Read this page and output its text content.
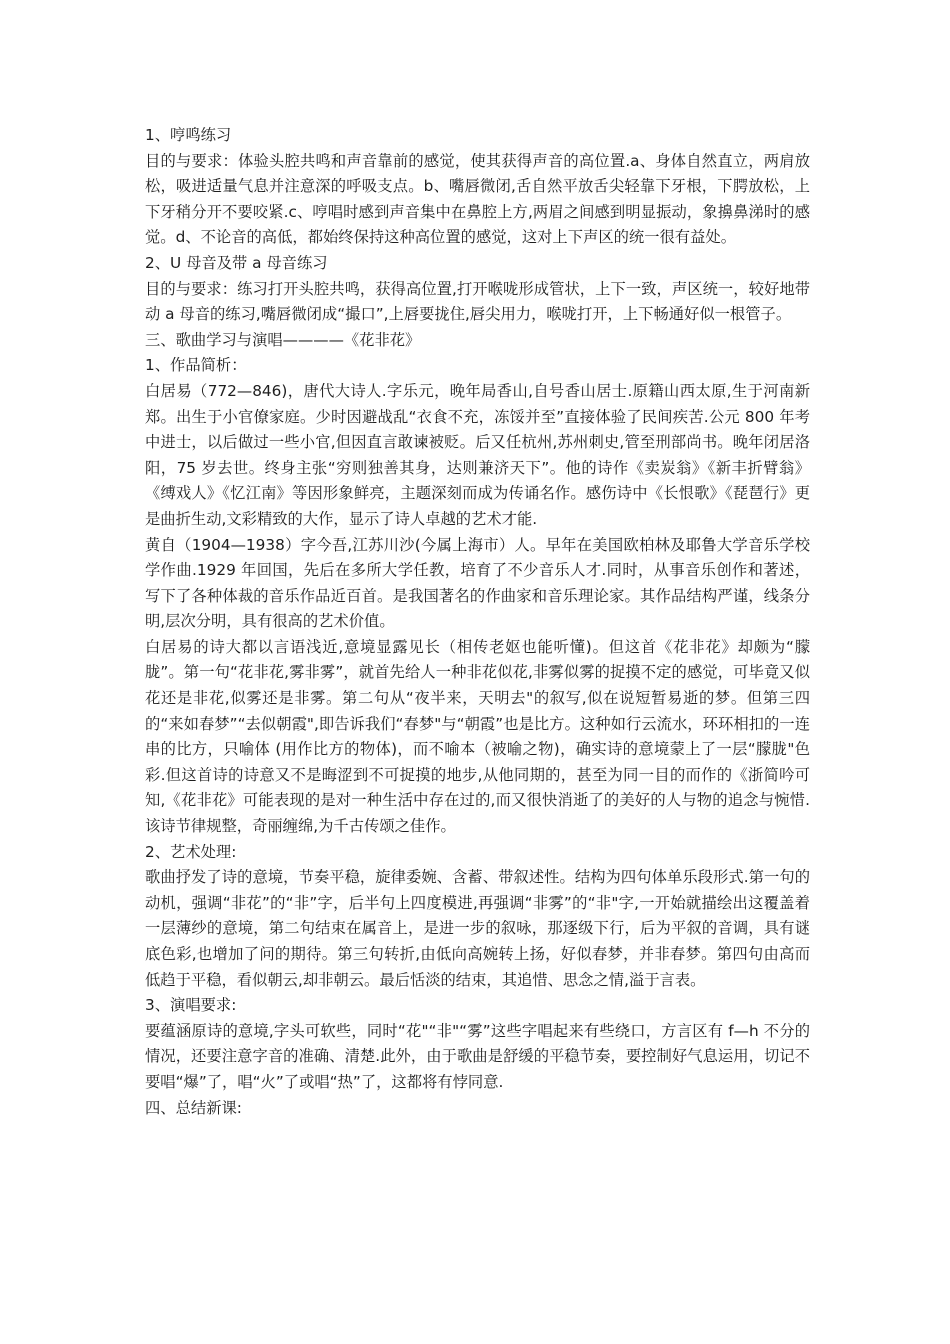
1、哼鸣练习

目的与要求：体验头腔共鸣和声音靠前的感觉，使其获得声音的高位置.a、身体自然直立，两肩放松，吸进适量气息并注意深的呼吸支点。b、嘴唇微闭,舌自然平放舌尖轻靠下牙根，下腭放松，上下牙稍分开不要咬紧.c、哼唱时感到声音集中在鼻腔上方,两眉之间感到明显振动，象擤鼻涕时的感觉。d、不论音的高低，都始终保持这种高位置的感觉，这对上下声区的统一很有益处。

2、U 母音及带 a 母音练习

目的与要求：练习打开头腔共鸣，获得高位置,打开喉咙形成管状，上下一致，声区统一，较好地带动 a 母音的练习,嘴唇微闭成“撮口”,上唇要拢住,唇尖用力，喉咙打开，上下畅通好似一根管子。

三、歌曲学习与演唱————《花非花》

1、作品简析：

白居易（772—846)，唐代大诗人.字乐元，晚年局香山,自号香山居士.原籍山西太原,生于河南新郑。出生于小官僚家庭。少时因避战乱“衣食不充，冻馁并至”直接体验了民间疾苦.公元 800 年考中进士，以后做过一些小官,但因直言敢谏被贬。后又任杭州,苏州刺史,管至刑部尚书。晚年闭居洛阳，75 岁去世。终身主张“穷则独善其身，达则兼济天下”。他的诗作《卖炭翁》《新丰折臂翁》《缚戏人》《忆江南》等因形象鲜亮，主题深刻而成为传诵名作。感伤诗中《长恨歌》《琵琶行》更是曲折生动,文彩精致的大作，显示了诗人卓越的艺术才能.

黄自（1904—1938）字今吾,江苏川沙(今属上海市）人。早年在美国欧柏林及耶鲁大学音乐学校学作曲.1929 年回国，先后在多所大学任教，培育了不少音乐人才.同时，从事音乐创作和著述，写下了各种体裁的音乐作品近百首。是我国著名的作曲家和音乐理论家。其作品结构严谨，线条分明,层次分明，具有很高的艺术价值。

白居易的诗大都以言语浅近,意境显露见长（相传老妪也能听懂)。但这首《花非花》却颇为“朦胧”。第一句“花非花,雾非雾”，就首先给人一种非花似花,非雾似雾的捉摸不定的感觉，可毕竟又似花还是非花,似雾还是非雾。第二句从“夜半来，天明去"的叙写,似在说短暂易逝的梦。但第三四的“来如春梦”“去似朝霞",即告诉我们“春梦"与“朝霞”也是比方。这种如行云流水，环环相扣的一连串的比方，只喻体 (用作比方的物体)，而不喻本（被喻之物)，确实诗的意境蒙上了一层“朦胧"色彩.但这首诗的诗意又不是晦涩到不可捉摸的地步,从他同期的，甚至为同一目的而作的《浙简吟可知,《花非花》可能表现的是对一种生活中存在过的,而又很快消逝了的美好的人与物的追念与惋惜.该诗节律规整，奇丽缠绵,为千古传颂之佳作。

2、艺术处理:

歌曲抒发了诗的意境，节奏平稳，旋律委婉、含蓄、带叙述性。结构为四句体单乐段形式.第一句的动机，强调“非花”的“非”字，后半句上四度模进,再强调“非雾”的“非"字,一开始就描绘出这覆盖着一层薄纱的意境，第二句结束在属音上，是进一步的叙咏，那逐级下行，后为平叙的音调，具有谜底色彩,也增加了问的期待。第三句转折,由低向高婉转上扬，好似春梦，并非春梦。第四句由高而低趋于平稳，看似朝云,却非朝云。最后恬淡的结束，其追惜、思念之情,溢于言表。

3、演唱要求:

要蕴涵原诗的意境,字头可软些，同时“花"“非"“雾”这些字唱起来有些绕口，方言区有 f—h 不分的情况，还要注意字音的准确、清楚.此外，由于歌曲是舒缓的平稳节奏，要控制好气息运用，切记不要唱“爆”了，唱“火”了或唱“热”了，这都将有悖同意.

四、总结新课:
